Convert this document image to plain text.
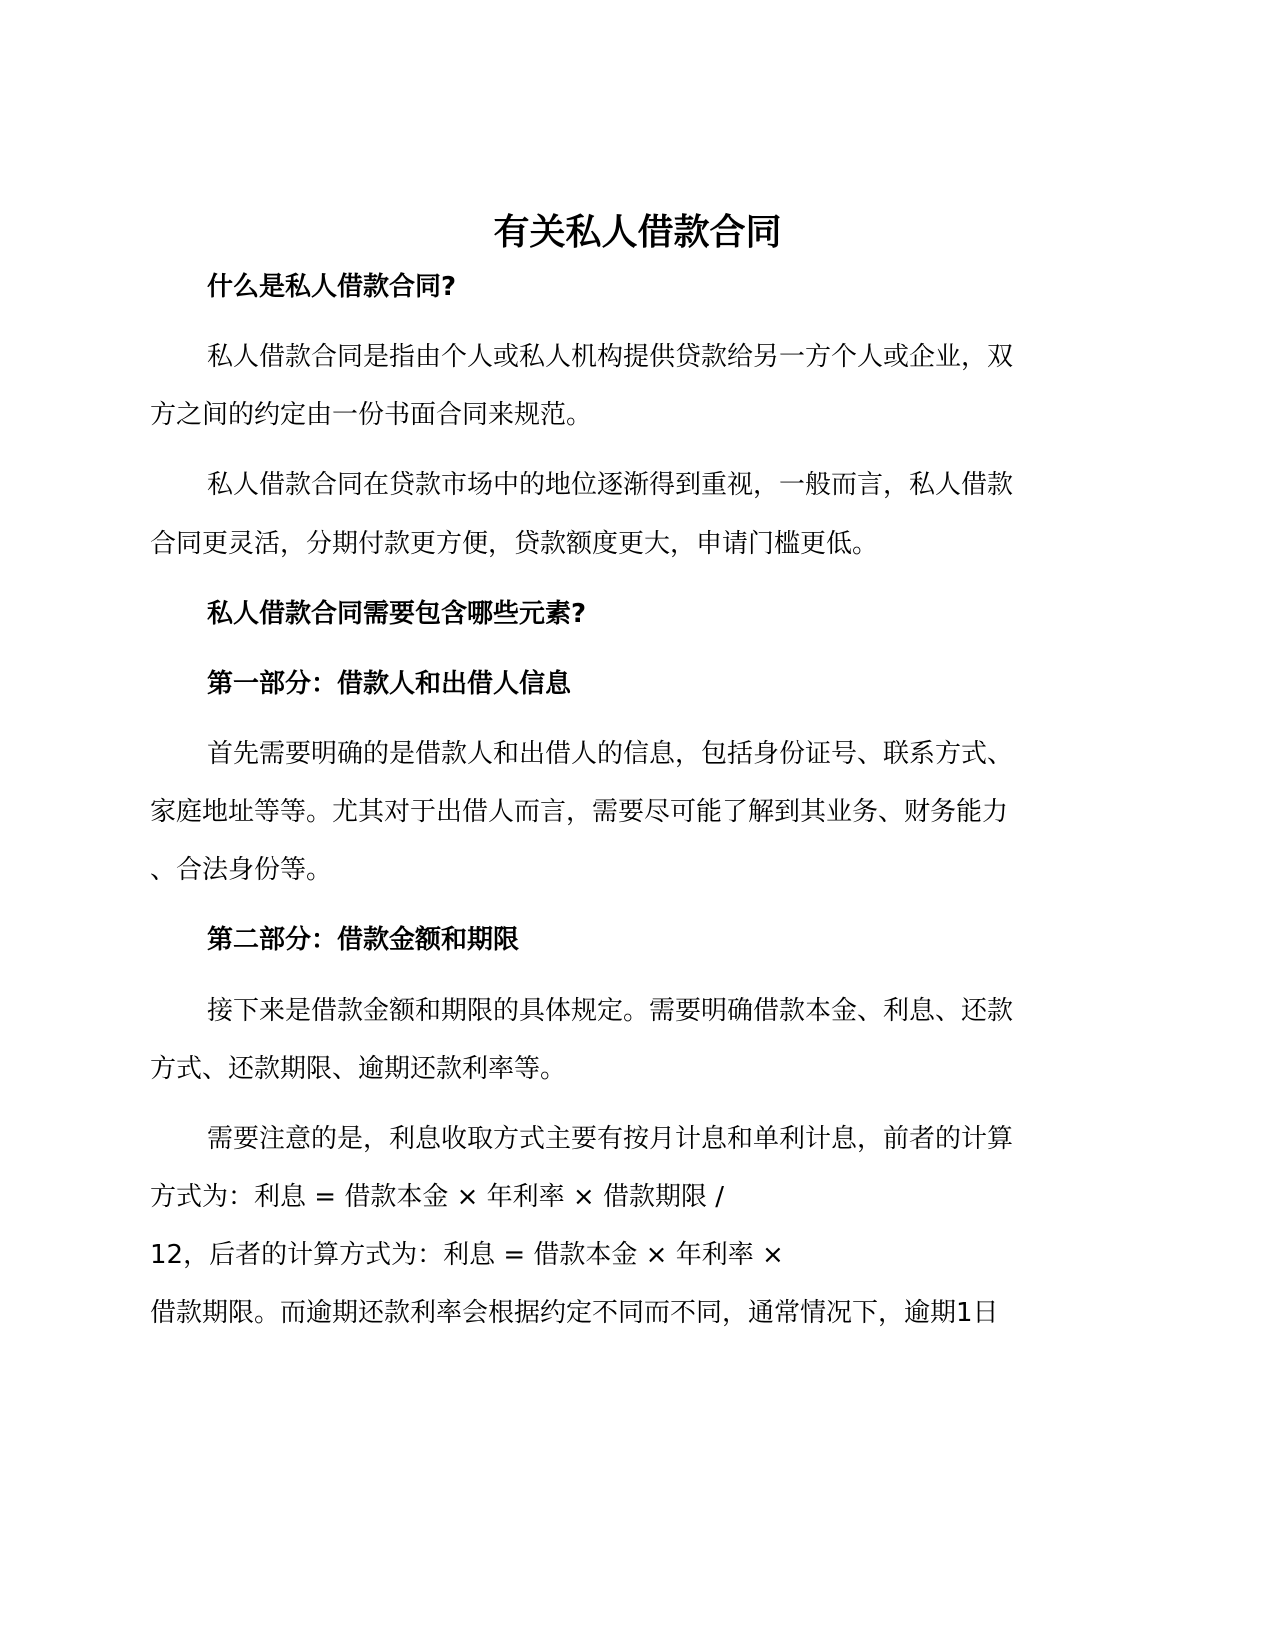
有关私人借款合同

什么是私人借款合同?

私人借款合同是指由个人或私人机构提供贷款给另一方个人或企业，双

方之间的约定由一份书面合同来规范。

私人借款合同在贷款市场中的地位逐渐得到重视，一般而言，私人借款

合同更灵活，分期付款更方便，贷款额度更大，申请门槛更低。

私人借款合同需要包含哪些元素?

第一部分：借款人和出借人信息

首先需要明确的是借款人和出借人的信息，包括身份证号、联系方式、

家庭地址等等。尤其对于出借人而言，需要尽可能了解到其业务、财务能力

、合法身份等。

第二部分：借款金额和期限

接下来是借款金额和期限的具体规定。需要明确借款本金、利息、还款

方式、还款期限、逾期还款利率等。

需要注意的是，利息收取方式主要有按月计息和单利计息，前者的计算

方式为：利息 = 借款本金 × 年利率 × 借款期限 /

12，后者的计算方式为：利息 = 借款本金 × 年利率 ×

借款期限。而逾期还款利率会根据约定不同而不同，通常情况下，逾期1日
